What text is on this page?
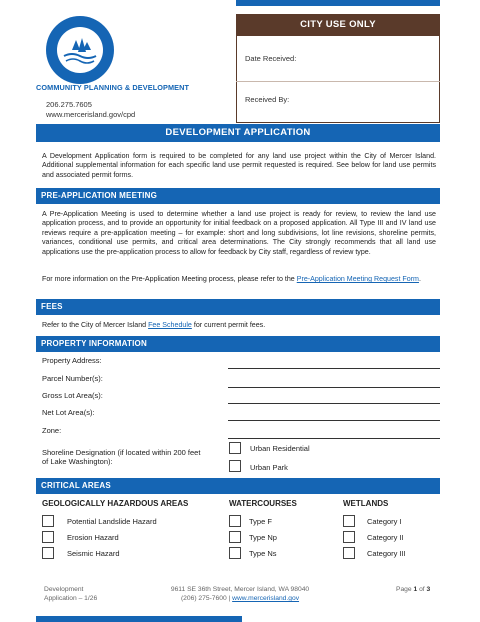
COMMUNITY PLANNING & DEVELOPMENT
206.275.7605
www.mercerisland.gov/cpd
CITY USE ONLY
Date Received:
Received By:
DEVELOPMENT APPLICATION
A Development Application form is required to be completed for any land use project within the City of Mercer Island. Additional supplemental information for each specific land use permit requested is required. See below for land use permits and associated permit forms.
PRE-APPLICATION MEETING
A Pre-Application Meeting is used to determine whether a land use project is ready for review, to review the land use application process, and to provide an opportunity for initial feedback on a proposed application. All Type III and IV land use reviews require a pre-application meeting – for example: short and long subdivisions, lot line revisions, shoreline permits, variances, conditional use permits, and critical area determinations. The City strongly recommends that all land use applications use the pre-application process to allow for feedback by City staff, regardless of review type.
For more information on the Pre-Application Meeting process, please refer to the Pre-Application Meeting Request Form.
FEES
Refer to the City of Mercer Island Fee Schedule for current permit fees.
PROPERTY INFORMATION
Property Address:
Parcel Number(s):
Gross Lot Area(s):
Net Lot Area(s):
Zone:
Shoreline Designation (if located within 200 feet
of Lake Washington):
Urban Residential
Urban Park
CRITICAL AREAS
GEOLOGICALLY HAZARDOUS AREAS	WATERCOURSES	WETLANDS
Potential Landslide Hazard
Erosion Hazard
Seismic Hazard
Type F
Type Np
Type Ns
Category I
Category II
Category III
Development
Application – 1/26
9611 SE 36th Street, Mercer Island, WA 98040
(206) 275-7600 | www.mercerisland.gov
Page 1 of 3
